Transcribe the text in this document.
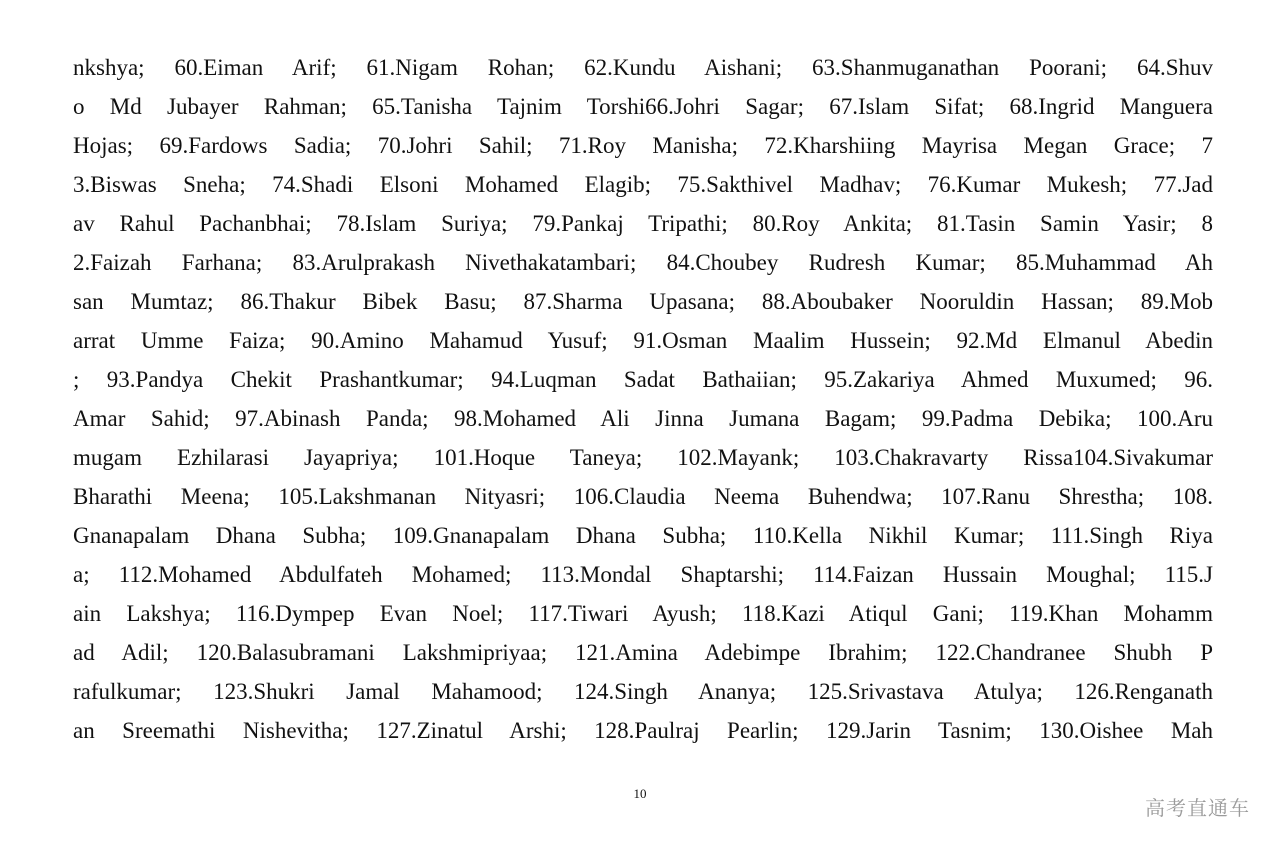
nkshya; 60.Eiman Arif; 61.Nigam Rohan; 62.Kundu Aishani; 63.Shanmuganathan Poorani; 64.Shuv
o Md Jubayer Rahman; 65.Tanisha Tajnim Torshi66.Johri Sagar; 67.Islam Sifat; 68.Ingrid Manguera
Hojas; 69.Fardows Sadia; 70.Johri Sahil; 71.Roy Manisha; 72.Kharshiing Mayrisa Megan Grace; 7
3.Biswas Sneha; 74.Shadi Elsoni Mohamed Elagib; 75.Sakthivel Madhav; 76.Kumar Mukesh; 77.Jad
av Rahul Pachanbhai; 78.Islam Suriya; 79.Pankaj Tripathi; 80.Roy Ankita; 81.Tasin Samin Yasir; 8
2.Faizah Farhana; 83.Arulprakash Nivethakatambari; 84.Choubey Rudresh Kumar; 85.Muhammad Ah
san Mumtaz; 86.Thakur Bibek Basu; 87.Sharma Upasana; 88.Aboubaker Nooruldin Hassan; 89.Mob
arrat Umme Faiza; 90.Amino Mahamud Yusuf; 91.Osman Maalim Hussein; 92.Md Elmanul Abedin
; 93.Pandya Chekit Prashantkumar; 94.Luqman Sadat Bathaiian; 95.Zakariya Ahmed Muxumed; 96.
Amar Sahid; 97.Abinash Panda; 98.Mohamed Ali Jinna Jumana Bagam; 99.Padma Debika; 100.Aru
mugam Ezhilarasi Jayapriya; 101.Hoque Taneya; 102.Mayank; 103.Chakravarty Rissa104.Sivakumar
Bharathi Meena; 105.Lakshmanan Nityasri; 106.Claudia Neema Buhendwa; 107.Ranu Shrestha; 108.
Gnanapalam Dhana Subha; 109.Gnanapalam Dhana Subha; 110.Kella Nikhil Kumar; 111.Singh Riya
a; 112.Mohamed Abdulfateh Mohamed; 113.Mondal Shaptarshi; 114.Faizan Hussain Moughal; 115.J
ain Lakshya; 116.Dympep Evan Noel; 117.Tiwari Ayush; 118.Kazi Atiqul Gani; 119.Khan Mohamm
ad Adil; 120.Balasubramani Lakshmipriyaa; 121.Amina Adebimpe Ibrahim; 122.Chandranee Shubh P
rafulkumar; 123.Shukri Jamal Mahamood; 124.Singh Ananya; 125.Srivastava Atulya; 126.Renganath
an Sreemathi Nishevitha; 127.Zinatul Arshi; 128.Paulraj Pearlin; 129.Jarin Tasnim; 130.Oishee Mah
10
高考直通车
